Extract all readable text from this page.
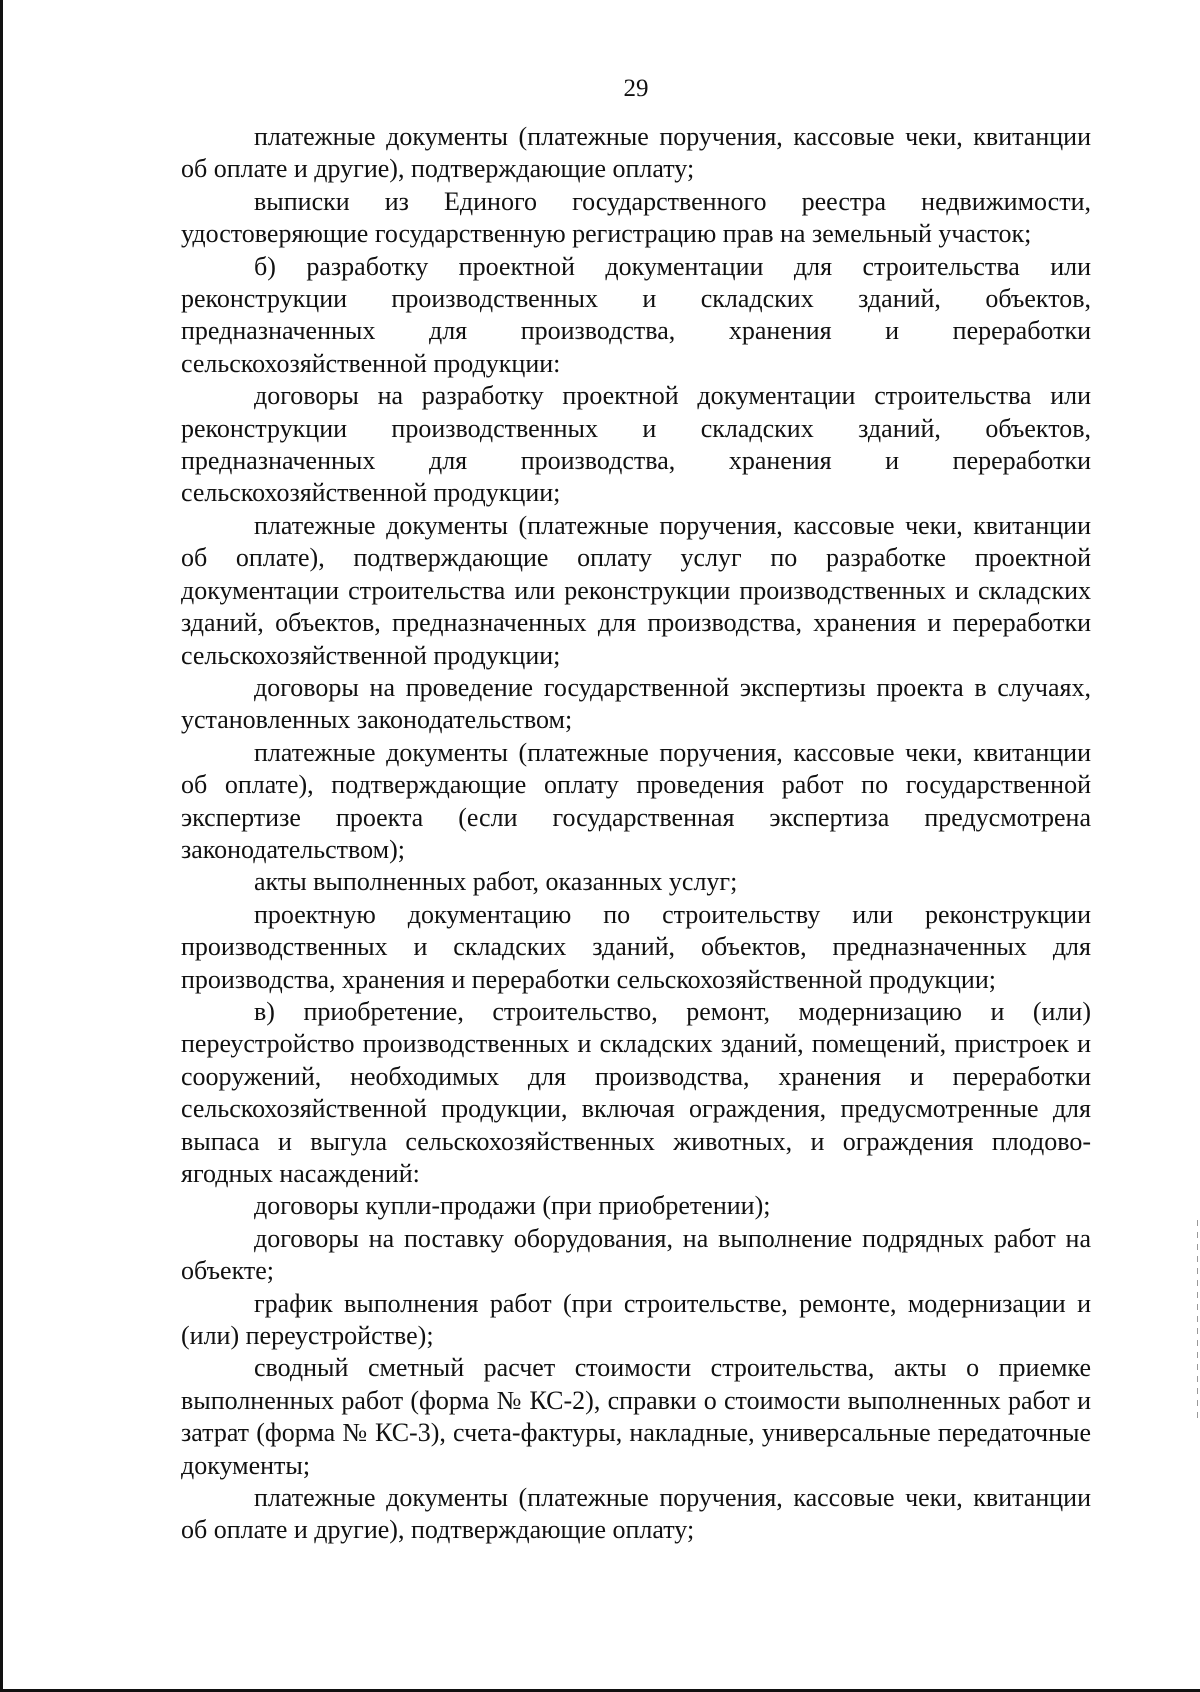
29

платежные документы (платежные поручения, кассовые чеки, квитанции об оплате и другие), подтверждающие оплату;

выписки из Единого государственного реестра недвижимости, удостоверяющие государственную регистрацию прав на земельный участок;

б) разработку проектной документации для строительства или реконструкции производственных и складских зданий, объектов, предназначенных для производства, хранения и переработки сельскохозяйственной продукции:

договоры на разработку проектной документации строительства или реконструкции производственных и складских зданий, объектов, предназначенных для производства, хранения и переработки сельскохозяйственной продукции;

платежные документы (платежные поручения, кассовые чеки, квитанции об оплате), подтверждающие оплату услуг по разработке проектной документации строительства или реконструкции производственных и складских зданий, объектов, предназначенных для производства, хранения и переработки сельскохозяйственной продукции;

договоры на проведение государственной экспертизы проекта в случаях, установленных законодательством;

платежные документы (платежные поручения, кассовые чеки, квитанции об оплате), подтверждающие оплату проведения работ по государственной экспертизе проекта (если государственная экспертиза предусмотрена законодательством);

акты выполненных работ, оказанных услуг;

проектную документацию по строительству или реконструкции производственных и складских зданий, объектов, предназначенных для производства, хранения и переработки сельскохозяйственной продукции;

в) приобретение, строительство, ремонт, модернизацию и (или) переустройство производственных и складских зданий, помещений, пристроек и сооружений, необходимых для производства, хранения и переработки сельскохозяйственной продукции, включая ограждения, предусмотренные для выпаса и выгула сельскохозяйственных животных, и ограждения плодово-ягодных насаждений:

договоры купли-продажи (при приобретении);

договоры на поставку оборудования, на выполнение подрядных работ на объекте;

график выполнения работ (при строительстве, ремонте, модернизации и (или) переустройстве);

сводный сметный расчет стоимости строительства, акты о приемке выполненных работ (форма № КС-2), справки о стоимости выполненных работ и затрат (форма № КС-3), счета-фактуры, накладные, универсальные передаточные документы;

платежные документы (платежные поручения, кассовые чеки, квитанции об оплате и другие), подтверждающие оплату;
